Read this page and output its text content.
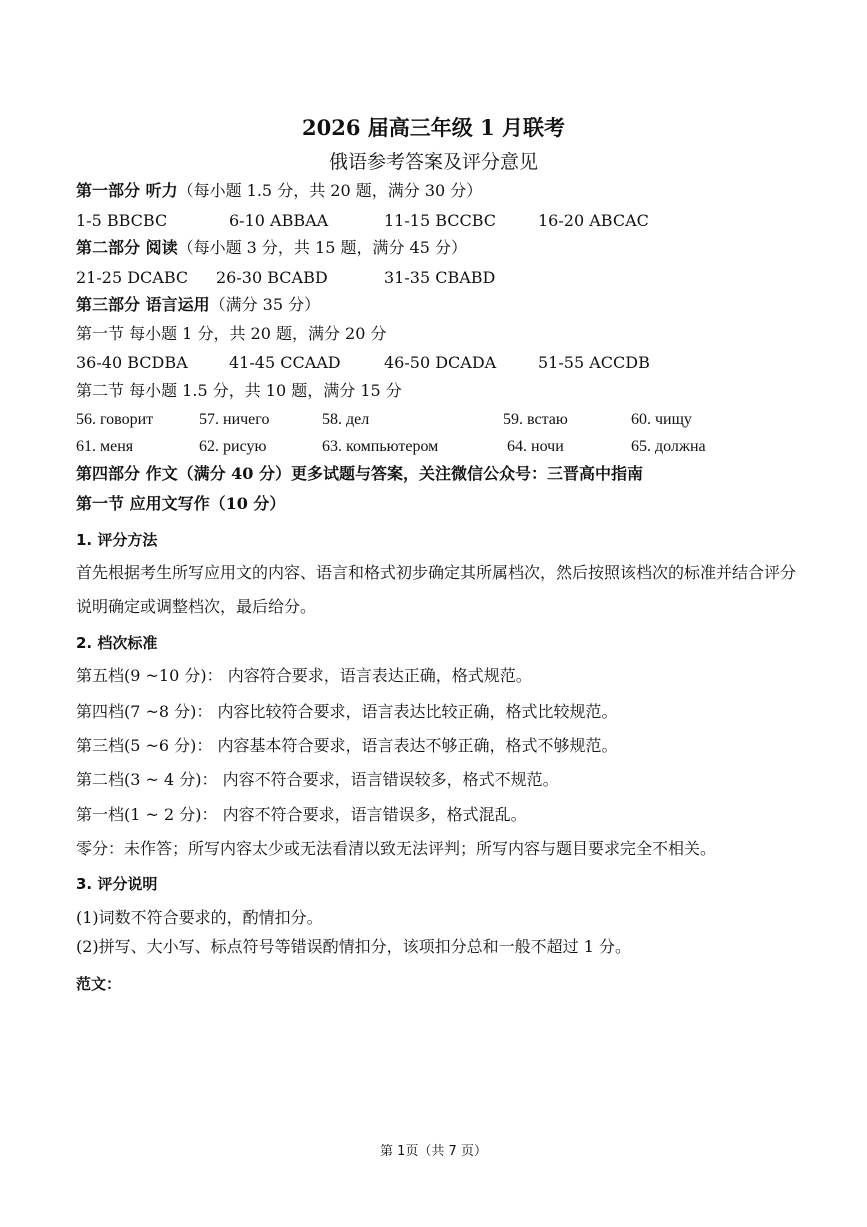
2026 届高三年级 1 月联考
俄语参考答案及评分意见
第一部分 听力（每小题 1.5 分，共 20 题，满分 30 分）
1-5 BBCBC	6-10 ABBAA	11-15 BCCBC	16-20 ABCAC
第二部分 阅读（每小题 3 分，共 15 题，满分 45 分）
21-25 DCABC 26-30 BCABD	31-35 CBABD
第三部分 语言运用（满分 35 分）
第一节 每小题 1 分，共 20 题，满分 20 分
36-40 BCDBA	41-45 CCAAD	46-50 DCADA	51-55 ACCDB
第二节 每小题 1.5 分，共 10 题，满分 15 分
56. говорит	57. ничего	58. дел	59. встаю	60. чищу
61. меня	62. рисую	63. компьютером	64. ночи	65. должна
第四部分 作文（满分 40 分）更多试题与答案，关注微信公众号：三晋高中指南
第一节 应用文写作（10 分）
1. 评分方法
首先根据考生所写应用文的内容、语言和格式初步确定其所属档次，然后按照该档次的标准并结合评分说明确定或调整档次，最后给分。
2. 档次标准
第五档(9 ~10 分)： 内容符合要求，语言表达正确，格式规范。
第四档(7 ~8 分)： 内容比较符合要求，语言表达比较正确，格式比较规范。
第三档(5 ~6 分)： 内容基本符合要求，语言表达不够正确，格式不够规范。
第二档(3 ~ 4 分)： 内容不符合要求，语言错误较多，格式不规范。
第一档(1 ~ 2 分)： 内容不符合要求，语言错误多，格式混乱。
零分：未作答；所写内容太少或无法看清以致无法评判；所写内容与题目要求完全不相关。
3. 评分说明
(1)词数不符合要求的，酌情扣分。
(2)拼写、大小写、标点符号等错误酌情扣分，该项扣分总和一般不超过 1 分。
范文：
第 1页（共 7 页）
